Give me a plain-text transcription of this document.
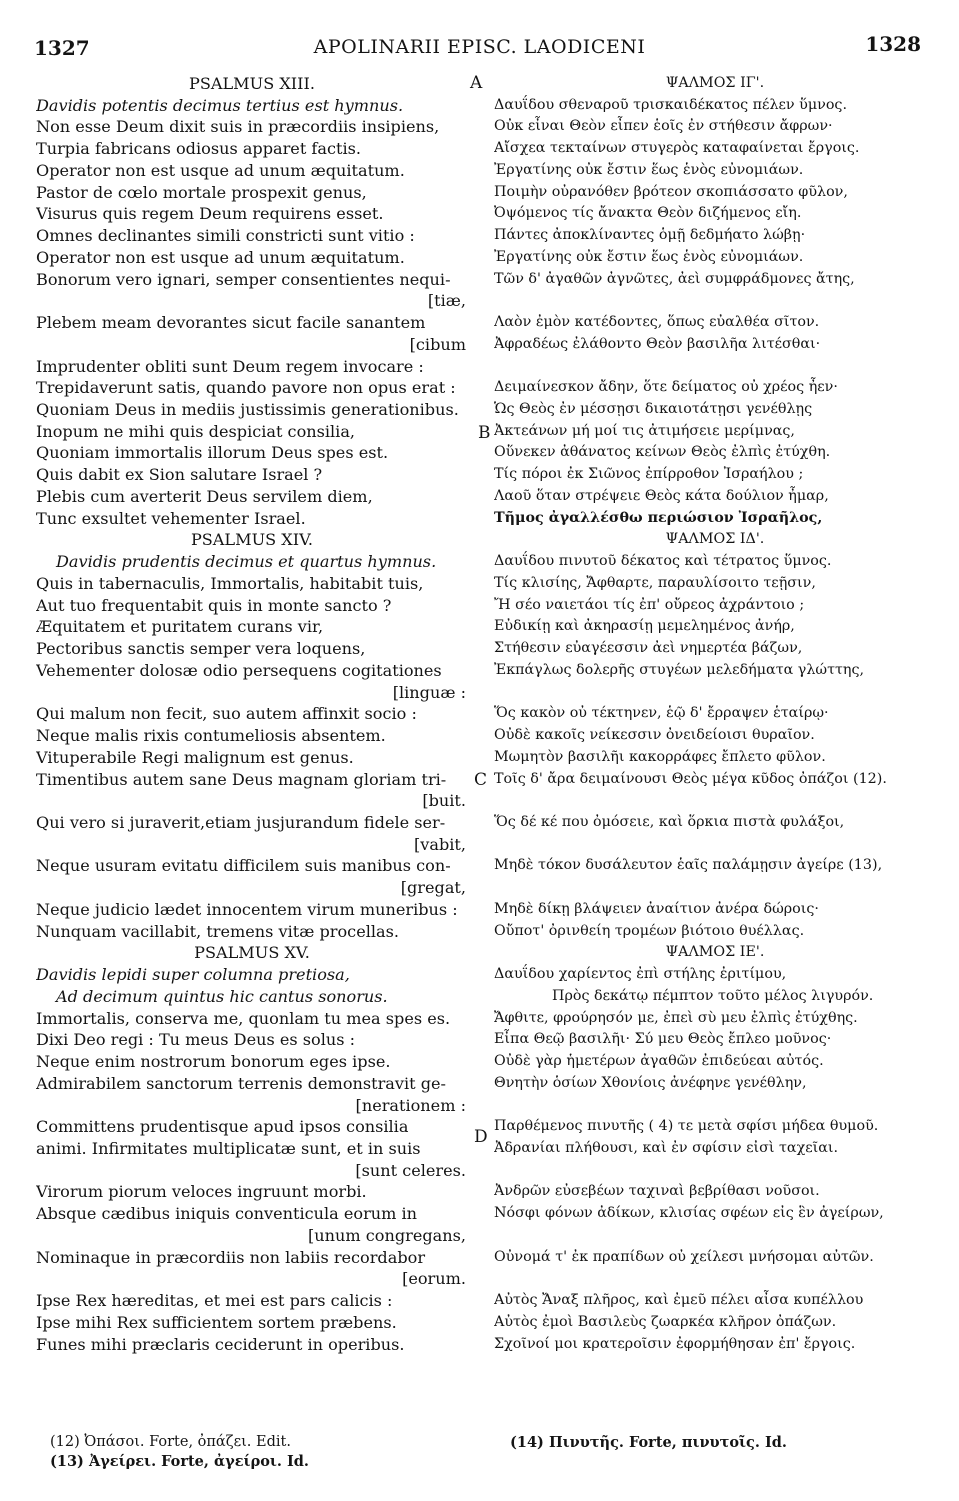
1327	APOLINARII EPISC. LAODICENI	1328
A
B
C
D
PSALMUS XIII.
Davidis potentis decimus tertius est hymnus.
Non esse Deum dixit suis in præcordiis insipiens,
Turpia fabricans odiosus apparet factis.
Operator non est usque ad unum æquitatum.
Pastor de cœlo mortale prospexit genus,
Visurus quis regem Deum requirens esset.
Omnes declinantes simili constricti sunt vitio :
Operator non est usque ad unum æquitatum.
Bonorum vero ignari, semper consentientes nequi-
[tiæ,
Plebem meam devorantes sicut facile sanantem
[cibum
Imprudenter obliti sunt Deum regem invocare :
Trepidaverunt satis, quando pavore non opus erat :
Quoniam Deus in mediis justissimis generationibus.
Inopum ne mihi quis despiciat consilia,
Quoniam immortalis illorum Deus spes est.
Quis dabit ex Sion salutare Israel ?
Plebis cum averterit Deus servilem diem,
Tunc exsultet vehementer Israel.
PSALMUS XIV.
Davidis prudentis decimus et quartus hymnus.
Quis in tabernaculis, Immortalis, habitabit tuis,
Aut tuo frequentabit quis in monte sancto ?
Æquitatem et puritatem curans vir,
Pectoribus sanctis semper vera loquens,
Vehementer dolosæ odio persequens cogitationes
[linguæ :
Qui malum non fecit, suo autem affinxit socio :
Neque malis rixis contumeliosis absentem.
Vituperabile Regi malignum est genus.
Timentibus autem sane Deus magnam gloriam tri-
[buit.
Qui vero si juraverit,etiam jusjurandum fidele ser-
[vabit,
Neque usuram evitatu difficilem suis manibus con-
[gregat,
Neque judicio lædet innocentem virum muneribus :
Nunquam vacillabit, tremens vitæ procellas.
PSALMUS XV.
Davidis lepidi super columna pretiosa,
Ad decimum quintus hic cantus sonorus.
Immortalis, conserva me, quonlam tu mea spes es.
Dixi Deo regi : Tu meus Deus es solus :
Neque enim nostrorum bonorum eges ipse.
Admirabilem sanctorum terrenis demonstravit ge-
[nerationem :
Committens prudentisque apud ipsos consilia
animi. Infirmitates multiplicatæ sunt, et in suis
[sunt celeres.
Virorum piorum veloces ingruunt morbi.
Absque cædibus iniquis conventicula eorum in
[unum congregans,
Nominaque in præcordiis non labiis recordabor
[eorum.
Ipse Rex hæreditas, et mei est pars calicis :
Ipse mihi Rex sufficientem sortem præbens.
Funes mihi præclaris ceciderunt in operibus.
ΨΑΛΜΟΣ ΙΓ'.
Δαυΐδου σθεναροῦ τρισκαιδέκατος πέλεν ὕμνος.
Οὐκ εἶναι Θεὸν εἶπεν ἑοῖς ἐν στήθεσιν ἄφρων·
Αἴσχεα τεκταίνων στυγερὸς καταφαίνεται ἔργοις.
Ἐργατίνης οὐκ ἔστιν ἕως ἑνὸς εὐνομιάων.
Ποιμὴν οὐρανόθεν βρότεον σκοπιάσσατο φῦλον,
Ὀψόμενος τίς ἄνακτα Θεὸν διζήμενος εἴη.
Πάντες ἀποκλίναντες ὁμῇ δεδμήατο λώβῃ·
Ἐργατίνης οὐκ ἔστιν ἕως ἑνὸς εὐνομιάων.
Τῶν δ' ἀγαθῶν ἀγνῶτες, ἀεὶ συμφράδμονες ἄτης,
Λαὸν ἐμὸν κατέδοντες, ὅπως εὐαλθέα σῖτον.
Ἀφραδέως ἐλάθοντο Θεὸν βασιλῆα λιτέσθαι·
Δειμαίνεσκον ἄδην, ὅτε δείματος οὐ χρέος ἦεν·
Ὡς Θεὸς ἐν μέσσῃσι δικαιοτάτῃσι γενέθλῃς
Ἀκτεάνων μή μοί τις ἀτιμήσειε μερίμνας,
Οὕνεκεν ἀθάνατος κείνων Θεὸς ἐλπὶς ἐτύχθη.
Τίς πόροι ἐκ Σιῶνος ἐπίρροθον Ἰσραήλου ;
Λαοῦ ὅταν στρέψειε Θεὸς κάτα δούλιον ἦμαρ,
Τῆμος ἀγαλλέσθω περιώσιον Ἰσραῆλος,
ΨΑΛΜΟΣ ΙΔ'.
Δαυΐδου πινυτοῦ δέκατος καὶ τέτρατος ὕμνος.
Τίς κλισίης, Ἄφθαρτε, παραυλίσοιτο τεῇσιν,
Ἤ σέο ναιετάοι τίς ἐπ' οὔρεος ἀχράντοιο ;
Εὐδικίῃ καὶ ἀκηρασίῃ μεμελημένος ἀνήρ,
Στήθεσιν εὐαγέεσσιν ἀεὶ νημερτέα βάζων,
Ἐκπάγλως δολερῆς στυγέων μελεδήματα γλώττης,
Ὅς κακὸν οὐ τέκτηνεν, ἑῷ δ' ἔρραψεν ἑταίρῳ·
Οὐδὲ κακοῖς νείκεσσιν ὀνειδείοισι θυραῖον.
Μωμητὸν βασιλῆι κακορράφες ἔπλετο φῦλον.
Τοῖς δ' ἄρα δειμαίνουσι Θεὸς μέγα κῦδος ὀπάζοι (12).
Ὅς δέ κέ που ὀμόσειε, καὶ ὅρκια πιστὰ φυλάξοι,
Μηδὲ τόκον δυσάλευτον ἑαῖς παλάμῃσιν ἀγείρε (13),
Μηδὲ δίκῃ βλάψειεν ἀναίτιον ἀνέρα δώροις·
Οὔποτ' ὀρινθείη τρομέων βιότοιο θυέλλας.
ΨΑΛΜΟΣ ΙΕ'.
Δαυΐδου χαρίεντος ἐπὶ στήλης ἐριτίμου,
Πρὸς δεκάτῳ πέμπτον τοῦτο μέλος λιγυρόν.
Ἄφθιτε, φρούρησόν με, ἐπεὶ σὺ μευ ἐλπὶς ἐτύχθης.
Εἶπα Θεῷ βασιλῆι· Σύ μευ Θεὸς ἔπλεο μοῦνος·
Οὐδὲ γὰρ ἡμετέρων ἀγαθῶν ἐπιδεύεαι αὐτός.
Θνητὴν ὁσίων Χθονίοις ἀνέφηνε γενέθλην,
Παρθέμενος πινυτῆς ( 4) τε μετὰ σφίσι μήδεα θυμοῦ.
Ἀδρανίαι πλήθουσι, καὶ ἐν σφίσιν εἰσὶ ταχεῖαι.
Ἀνδρῶν εὐσεβέων ταχιναὶ βεβρίθασι νοῦσοι.
Νόσφι φόνων ἀδίκων, κλισίας σφέων εἰς ἓν ἀγείρων,
Οὐνομά τ' ἐκ πραπίδων οὐ χείλεσι μνήσομαι αὐτῶν.
Αὐτὸς Ἄναξ πλῆρος, καὶ ἐμεῦ πέλει αἶσα κυπέλλου
Αὐτὸς ἐμοὶ Βασιλεὺς ζωαρκέα κλῆρον ὀπάζων.
Σχοῖνοί μοι κρατεροῖσιν ἐφορμήθησαν ἐπ' ἔργοις.
(12) Ὀπάσοι. Forte, ὀπάζει. Edit.
(13) Ἀγείρει. Forte, ἀγείροι. Id.
(14) Πινυτῆς. Forte, πινυτοῖς. Id.
